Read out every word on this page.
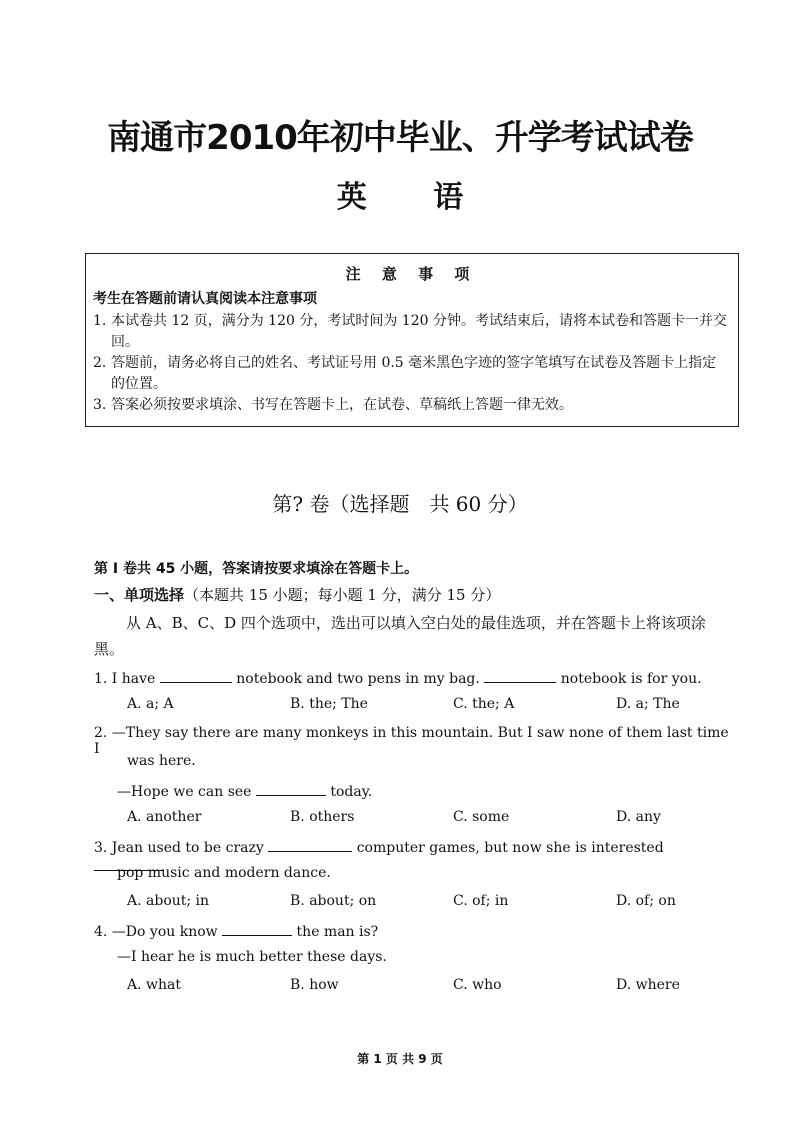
南通市2010年初中毕业、升学考试试卷
英 语
注 意 事 项
考生在答题前请认真阅读本注意事项
1. 本试卷共 12 页，满分为 120 分，考试时间为 120 分钟。考试结束后，请将本试卷和答题卡一并交回。
2. 答题前，请务必将自己的姓名、考试证号用 0.5 毫米黑色字迹的签字笔填写在试卷及答题卡上指定的位置。
3. 答案必须按要求填涂、书写在答题卡上，在试卷、草稿纸上答题一律无效。
第? 卷（选择题　共 60 分）
第 I 卷共 45 小题，答案请按要求填涂在答题卡上。
一、单项选择（本题共 15 小题；每小题 1 分，满分 15 分）
从 A、B、C、D 四个选项中，选出可以填入空白处的最佳选项，并在答题卡上将该项涂黑。
1. I have	notebook and two pens in my bag.	notebook is for you.
A. a; A	B. the; The	C. the; A	D. a; The
2. —They say there are many monkeys in this mountain. But I saw none of them last time I
was here.
—Hope we can see	today.
A. another	B. others	C. some	D. any
3. Jean used to be crazy	computer games, but now she is interested
pop music and modern dance.
A. about; in	B. about; on	C. of; in	D. of; on
4. —Do you know	the man is?
—I hear he is much better these days.
A. what	B. how	C. who	D. where
第 1 页 共 9 页
